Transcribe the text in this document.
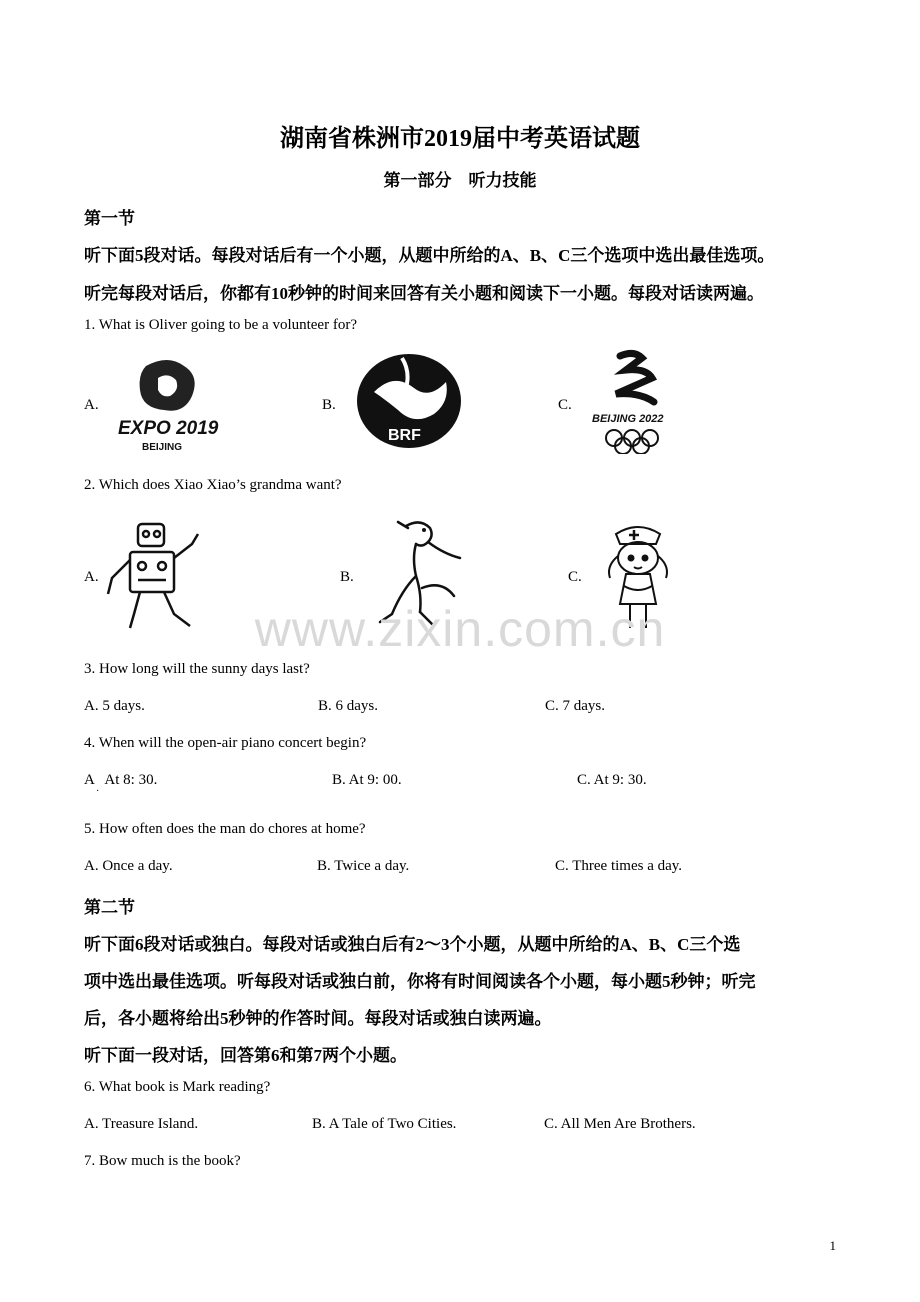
湖南省株洲市2019届中考英语试题
第一部分　听力技能
第一节
听下面5段对话。每段对话后有一个小题，从题中所给的A、B、C三个选项中选出最佳选项。
听完每段对话后，你都有10秒钟的时间来回答有关小题和阅读下一小题。每段对话读两遍。
1. What is Oliver going to be a volunteer for?
A.	B.	C.
EXPO 2019
BEIJING
BRF
BEIJING 2022
2. Which does Xiao Xiao’s grandma want?
A.	B.	C.
3. How long will the sunny days last?
A. 5 days.	B. 6 days.	C. 7 days.
4. When will the open-air piano concert begin?
A   At 8: 30.
·
B. At 9: 00.	C. At 9: 30.
5. How often does the man do chores at home?
A. Once a day.	B. Twice a day.	C. Three times a day.
第二节
听下面6段对话或独白。每段对话或独白后有2～3个小题，从题中所给的A、B、C三个选
项中选出最佳选项。听每段对话或独白前，你将有时间阅读各个小题，每小题5秒钟；听完
后，各小题将给出5秒钟的作答时间。每段对话或独白读两遍。
听下面一段对话，回答第6和第7两个小题。
6. What book is Mark reading?
A. Treasure Island.	B. A Tale of Two Cities.	C. All Men Are Brothers.
7. Bow much is the book?
www.zixin.com.cn
1
